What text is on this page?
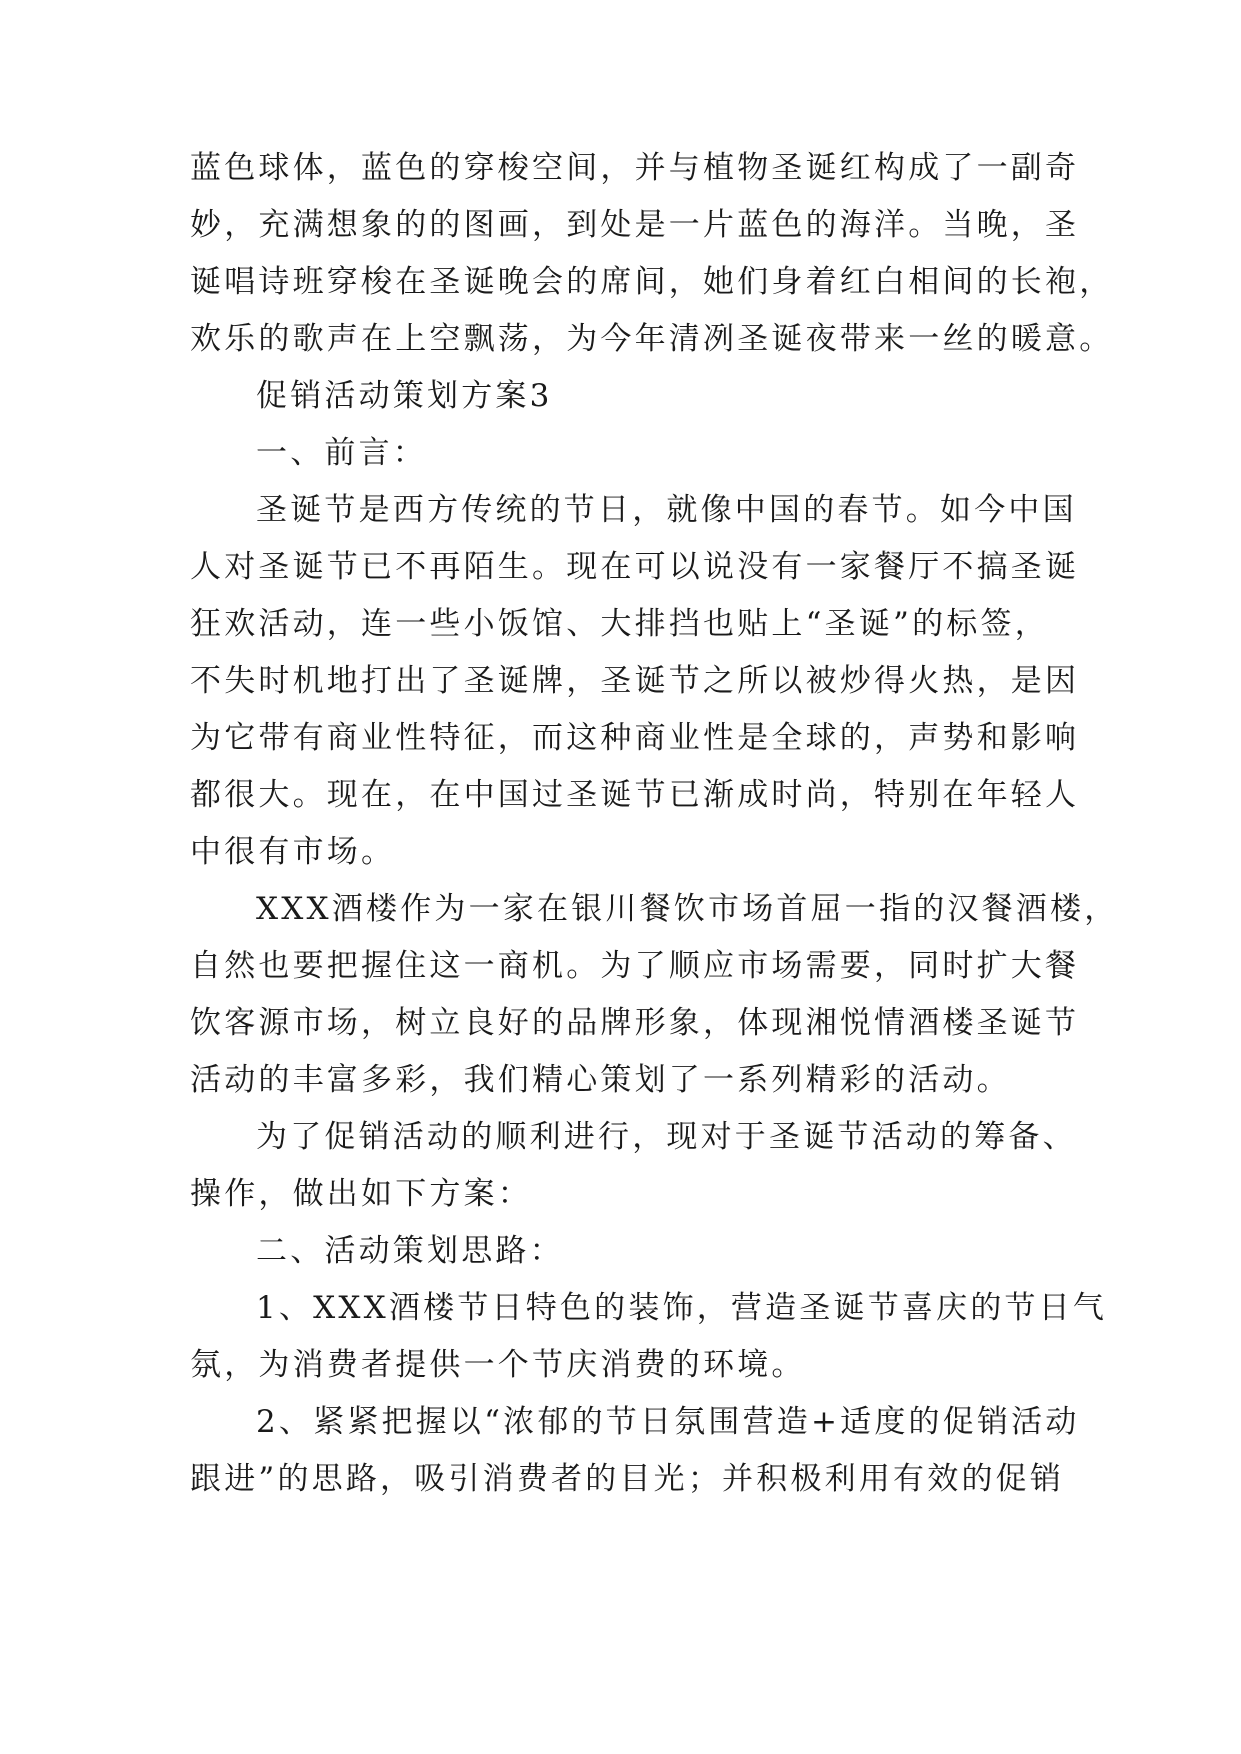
蓝色球体，蓝色的穿梭空间，并与植物圣诞红构成了一副奇
妙，充满想象的的图画，到处是一片蓝色的海洋。当晚，圣
诞唱诗班穿梭在圣诞晚会的席间，她们身着红白相间的长袍，
欢乐的歌声在上空飘荡，为今年清冽圣诞夜带来一丝的暖意。
促销活动策划方案3
一、前言：
圣诞节是西方传统的节日，就像中国的春节。如今中国
人对圣诞节已不再陌生。现在可以说没有一家餐厅不搞圣诞
狂欢活动，连一些小饭馆、大排挡也贴上“圣诞”的标签，
不失时机地打出了圣诞牌，圣诞节之所以被炒得火热，是因
为它带有商业性特征，而这种商业性是全球的，声势和影响
都很大。现在，在中国过圣诞节已渐成时尚，特别在年轻人
中很有市场。
XXX酒楼作为一家在银川餐饮市场首屈一指的汉餐酒楼，
自然也要把握住这一商机。为了顺应市场需要，同时扩大餐
饮客源市场，树立良好的品牌形象，体现湘悦情酒楼圣诞节
活动的丰富多彩，我们精心策划了一系列精彩的活动。
为了促销活动的顺利进行，现对于圣诞节活动的筹备、
操作，做出如下方案：
二、活动策划思路：
1、XXX酒楼节日特色的装饰，营造圣诞节喜庆的节日气
氛，为消费者提供一个节庆消费的环境。
2、紧紧把握以“浓郁的节日氛围营造+适度的促销活动
跟进”的思路，吸引消费者的目光；并积极利用有效的促销
